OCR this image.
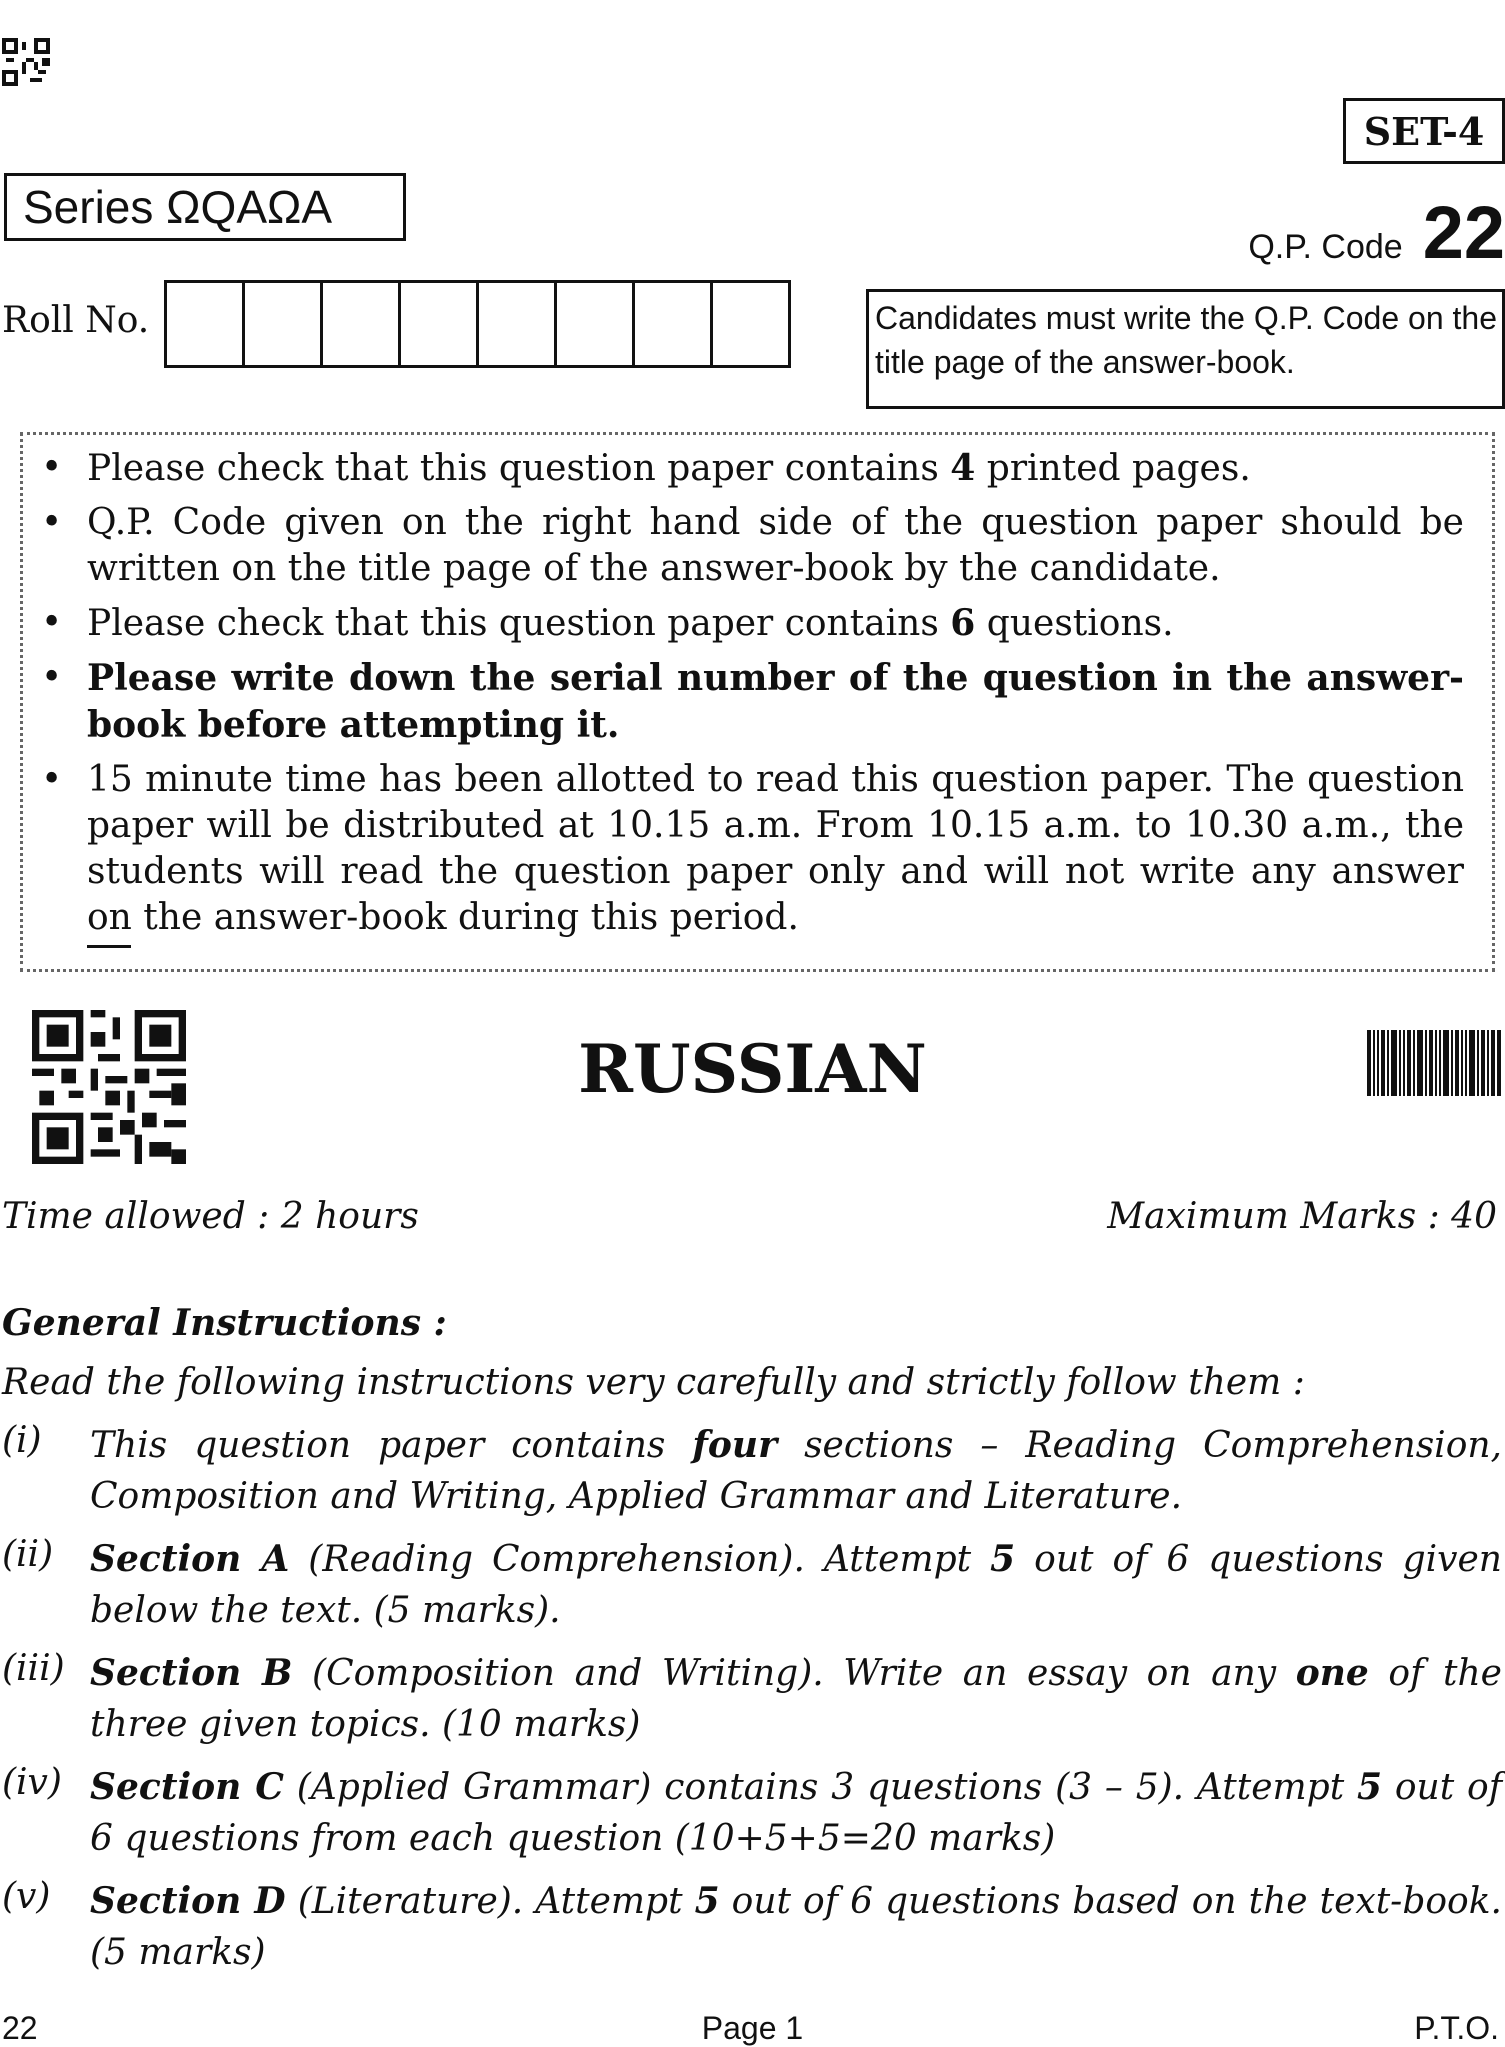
SET-4
Series ΩQAΩA
Q.P. Code 22
Roll No.	Candidates must write the Q.P. Code on the title page of the answer-book.
• Please check that this question paper contains 4 printed pages.
• Q.P. Code given on the right hand side of the question paper should be written on the title page of the answer-book by the candidate.
• Please check that this question paper contains 6 questions.
• Please write down the serial number of the question in the answer-book before attempting it.
• 15 minute time has been allotted to read this question paper. The question paper will be distributed at 10.15 a.m. From 10.15 a.m. to 10.30 a.m., the students will read the question paper only and will not write any answer on the answer-book during this period.
RUSSIAN
Time allowed : 2 hours	Maximum Marks : 40
General Instructions :
Read the following instructions very carefully and strictly follow them :
(i) This question paper contains four sections – Reading Comprehension, Composition and Writing, Applied Grammar and Literature.
(ii) Section A (Reading Comprehension). Attempt 5 out of 6 questions given below the text. (5 marks).
(iii) Section B (Composition and Writing). Write an essay on any one of the three given topics. (10 marks)
(iv) Section C (Applied Grammar) contains 3 questions (3 – 5). Attempt 5 out of 6 questions from each question (10+5+5=20 marks)
(v) Section D (Literature). Attempt 5 out of 6 questions based on the text-book. (5 marks)
22	Page 1	P.T.O.
